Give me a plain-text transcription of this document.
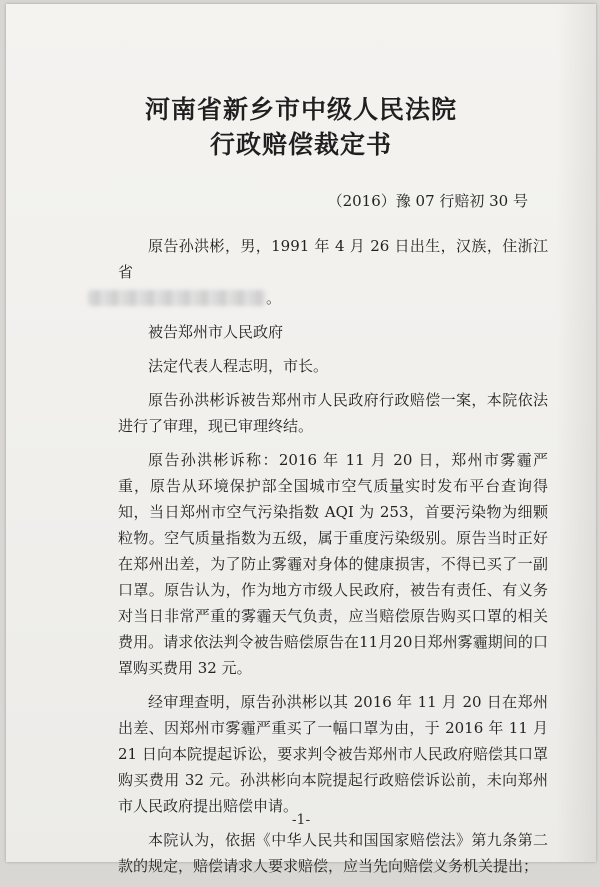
河南省新乡市中级人民法院
行政赔偿裁定书
（2016）豫 07 行赔初 30 号

原告孙洪彬，男，1991 年 4 月 26 日出生，汉族，住浙江省
。

被告郑州市人民政府

法定代表人程志明，市长。

原告孙洪彬诉被告郑州市人民政府行政赔偿一案，本院依法进行了审理，现已审理终结。

原告孙洪彬诉称：2016 年 11 月 20 日，郑州市雾霾严重，原告从环境保护部全国城市空气质量实时发布平台查询得知，当日郑州市空气污染指数 AQI 为 253，首要污染物为细颗粒物。空气质量指数为五级，属于重度污染级别。原告当时正好在郑州出差，为了防止雾霾对身体的健康损害，不得已买了一副口罩。原告认为，作为地方市级人民政府，被告有责任、有义务对当日非常严重的雾霾天气负责，应当赔偿原告购买口罩的相关费用。请求依法判令被告赔偿原告在11月20日郑州雾霾期间的口罩购买费用 32 元。

经审理查明，原告孙洪彬以其 2016 年 11 月 20 日在郑州出差、因郑州市雾霾严重买了一幅口罩为由，于 2016 年 11 月 21 日向本院提起诉讼，要求判令被告郑州市人民政府赔偿其口罩购买费用 32 元。孙洪彬向本院提起行政赔偿诉讼前，未向郑州市人民政府提出赔偿申请。

本院认为，依据《中华人民共和国国家赔偿法》第九条第二款的规定，赔偿请求人要求赔偿，应当先向赔偿义务机关提出；

-1-
